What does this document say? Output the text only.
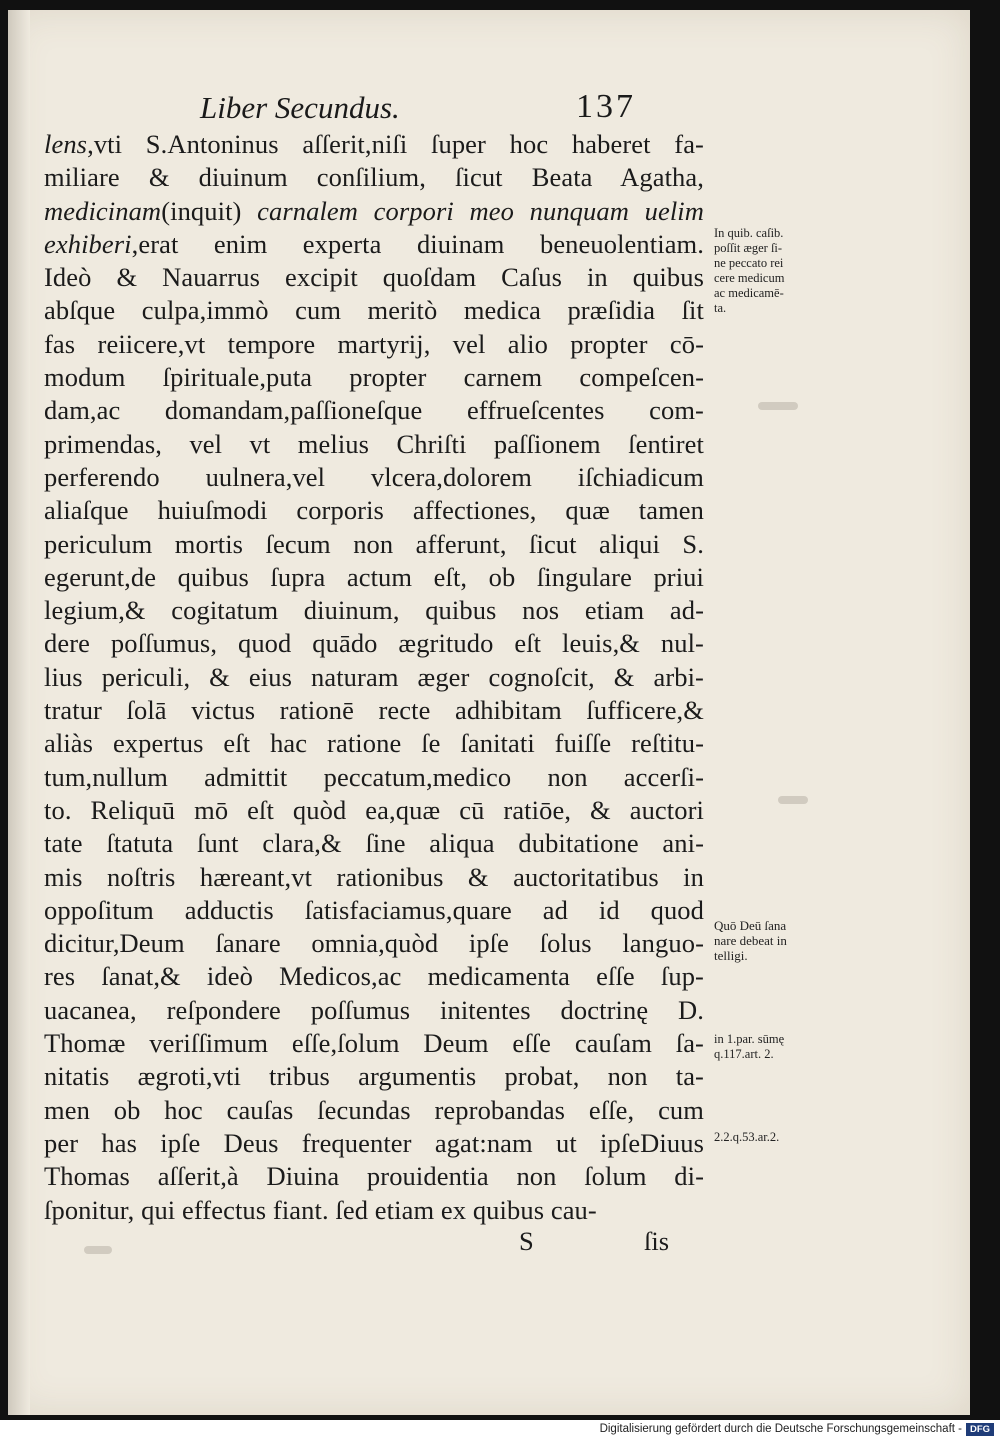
Liber Secundus.	137
lens,vti S.Antoninus aſſerit,niſi ſuper hoc haberet fa-
miliare & diuinum conſilium, ſicut Beata Agatha,
medicinam(inquit) carnalem corpori meo nunquam uelim
exhiberi,erat enim experta diuinam beneuolentiam.
Ideò & Nauarrus excipit quoſdam Caſus in quibus
abſque culpa,immò cum meritò medica præſidia ſit
fas reiicere,vt tempore martyrij, vel alio propter cō-
modum ſpirituale,puta propter carnem compeſcen-
dam,ac domandam,paſſioneſque effrueſcentes com-
primendas, vel vt melius Chriſti paſſionem ſentiret
perferendo uulnera,vel vlcera,dolorem iſchiadicum
aliaſque huiuſmodi corporis affectiones, quæ tamen
periculum mortis ſecum non afferunt, ſicut aliqui S.
egerunt,de quibus ſupra actum eſt, ob ſingulare priui
legium,& cogitatum diuinum, quibus nos etiam ad-
dere poſſumus, quod quādo ægritudo eſt leuis,& nul-
lius periculi, & eius naturam æger cognoſcit, & arbi-
tratur ſolā victus rationē recte adhibitam ſufficere,&
aliàs expertus eſt hac ratione ſe ſanitati fuiſſe reſtitu-
tum,nullum admittit peccatum,medico non accerſi-
to. Reliquū mō eſt quòd ea,quæ cū ratiōe, & auctori
tate ſtatuta ſunt clara,& ſine aliqua dubitatione ani-
mis noſtris hæreant,vt rationibus & auctoritatibus in
oppoſitum adductis ſatisfaciamus,quare ad id quod
dicitur,Deum ſanare omnia,quòd ipſe ſolus languo-
res ſanat,& ideò Medicos,ac medicamenta eſſe ſup-
uacanea, reſpondere poſſumus initentes doctrinę D.
Thomæ veriſſimum eſſe,ſolum Deum eſſe cauſam ſa-
nitatis ægroti,vti tribus argumentis probat, non ta-
men ob hoc cauſas ſecundas reprobandas eſſe, cum
per has ipſe Deus frequenter agat:nam ut ipſeDiuus
Thomas aſſerit,à Diuina prouidentia non ſolum di-
ſponitur, qui effectus fiant. ſed etiam ex quibus cau-
S	ſis
In quib. caſib.
poſſit æger ſi-
ne peccato rei
cere medicum
ac medicamē-
ta.
Quō Deū ſana
nare debeat in
telligi.
in 1.par. sūmę
q.117.art. 2.
2.2.q.53.ar.2.
Digitalisierung gefördert durch die Deutsche Forschungsgemeinschaft - DFG
